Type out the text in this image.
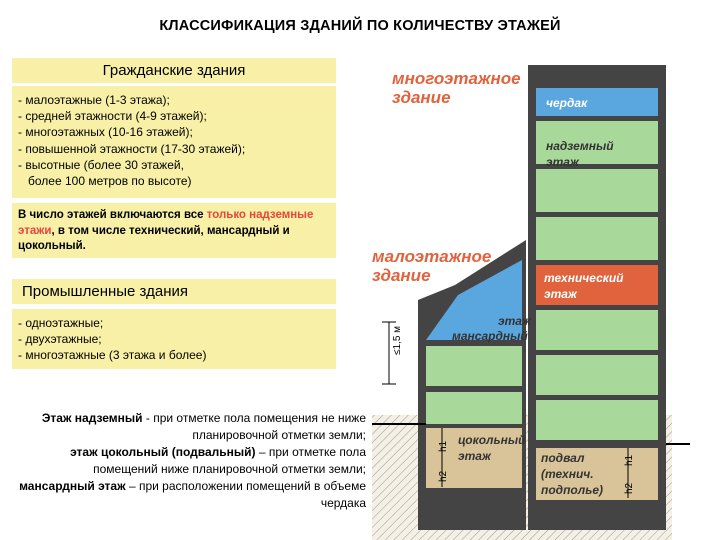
КЛАССИФИКАЦИЯ ЗДАНИЙ ПО КОЛИЧЕСТВУ ЭТАЖЕЙ
Гражданские здания
- малоэтажные (1-3 этажа);
- средней этажности (4-9 этажей);
- многоэтажных (10-16 этажей);
- повышенной этажности (17-30 этажей);
- высотные (более 30 этажей,
более 100 метров по высоте)
В число этажей включаются все только надземные этажи, в том числе технический, мансардный и цокольный.
Промышленные здания
- одноэтажные;
- двухэтажные;
- многоэтажные (3 этажа и более)
Этаж надземный - при отметке пола помещения не ниже планировочной отметки земли;
этаж цокольный (подвальный) – при отметке пола помещений ниже планировочной отметки земли;
мансардный этаж – при расположении помещений в объеме чердака
≤1,5 м
h1
h2
h1
h2
многоэтажное
здание
малоэтажное
здание
чердак
надземный
этаж
технический
этаж
этаж
мансардный
цокольный
этаж	подвал
(технич.
подполье)
